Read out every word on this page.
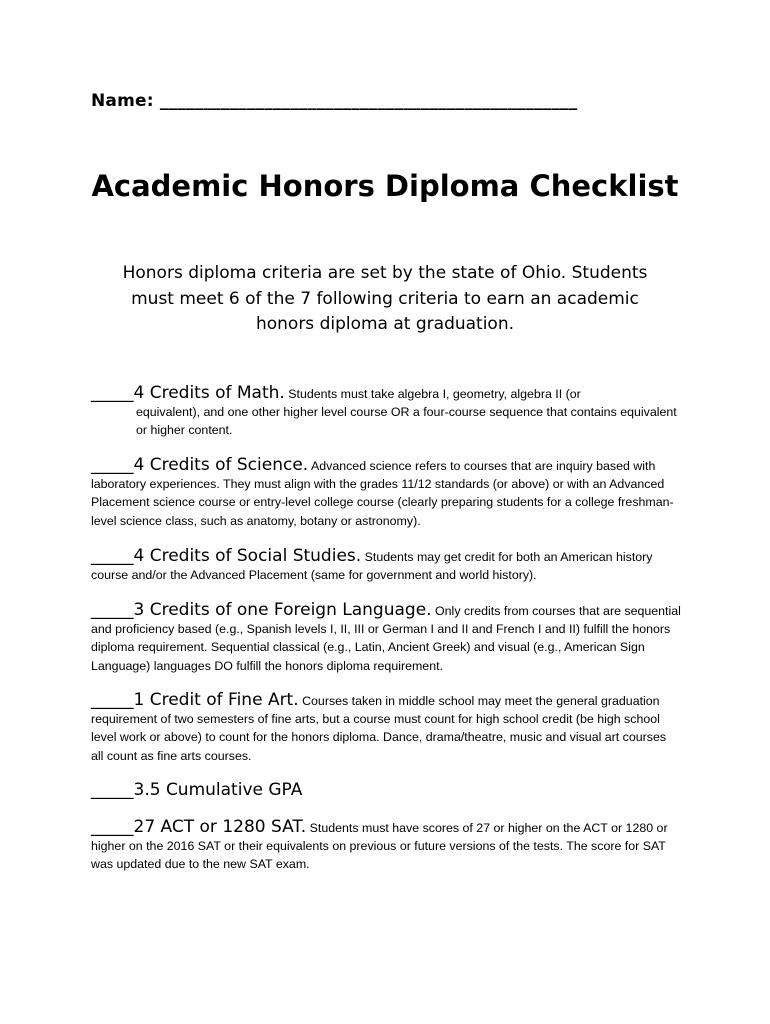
Name: ________________________________________________
Academic Honors Diploma Checklist
Honors diploma criteria are set by the state of Ohio. Students must meet 6 of the 7 following criteria to earn an academic honors diploma at graduation.
_____4 Credits of Math. Students must take algebra I, geometry, algebra II (or
equivalent), and one other higher level course OR a four-course sequence that contains equivalent or higher content.
_____4 Credits of Science. Advanced science refers to courses that are inquiry based with laboratory experiences. They must align with the grades 11/12 standards (or above) or with an Advanced Placement science course or entry-level college course (clearly preparing students for a college freshman-level science class, such as anatomy, botany or astronomy).
_____4 Credits of Social Studies. Students may get credit for both an American history course and/or the Advanced Placement (same for government and world history).
_____3 Credits of one Foreign Language. Only credits from courses that are sequential and proficiency based (e.g., Spanish levels I, II, III or German I and II and French I and II) fulfill the honors diploma requirement. Sequential classical (e.g., Latin, Ancient Greek) and visual (e.g., American Sign Language) languages DO fulfill the honors diploma requirement.
_____1 Credit of Fine Art. Courses taken in middle school may meet the general graduation requirement of two semesters of fine arts, but a course must count for high school credit (be high school level work or above) to count for the honors diploma. Dance, drama/theatre, music and visual art courses all count as fine arts courses.
_____3.5 Cumulative GPA
_____27 ACT or 1280 SAT. Students must have scores of 27 or higher on the ACT or 1280 or higher on the 2016 SAT or their equivalents on previous or future versions of the tests. The score for SAT was updated due to the new SAT exam.
